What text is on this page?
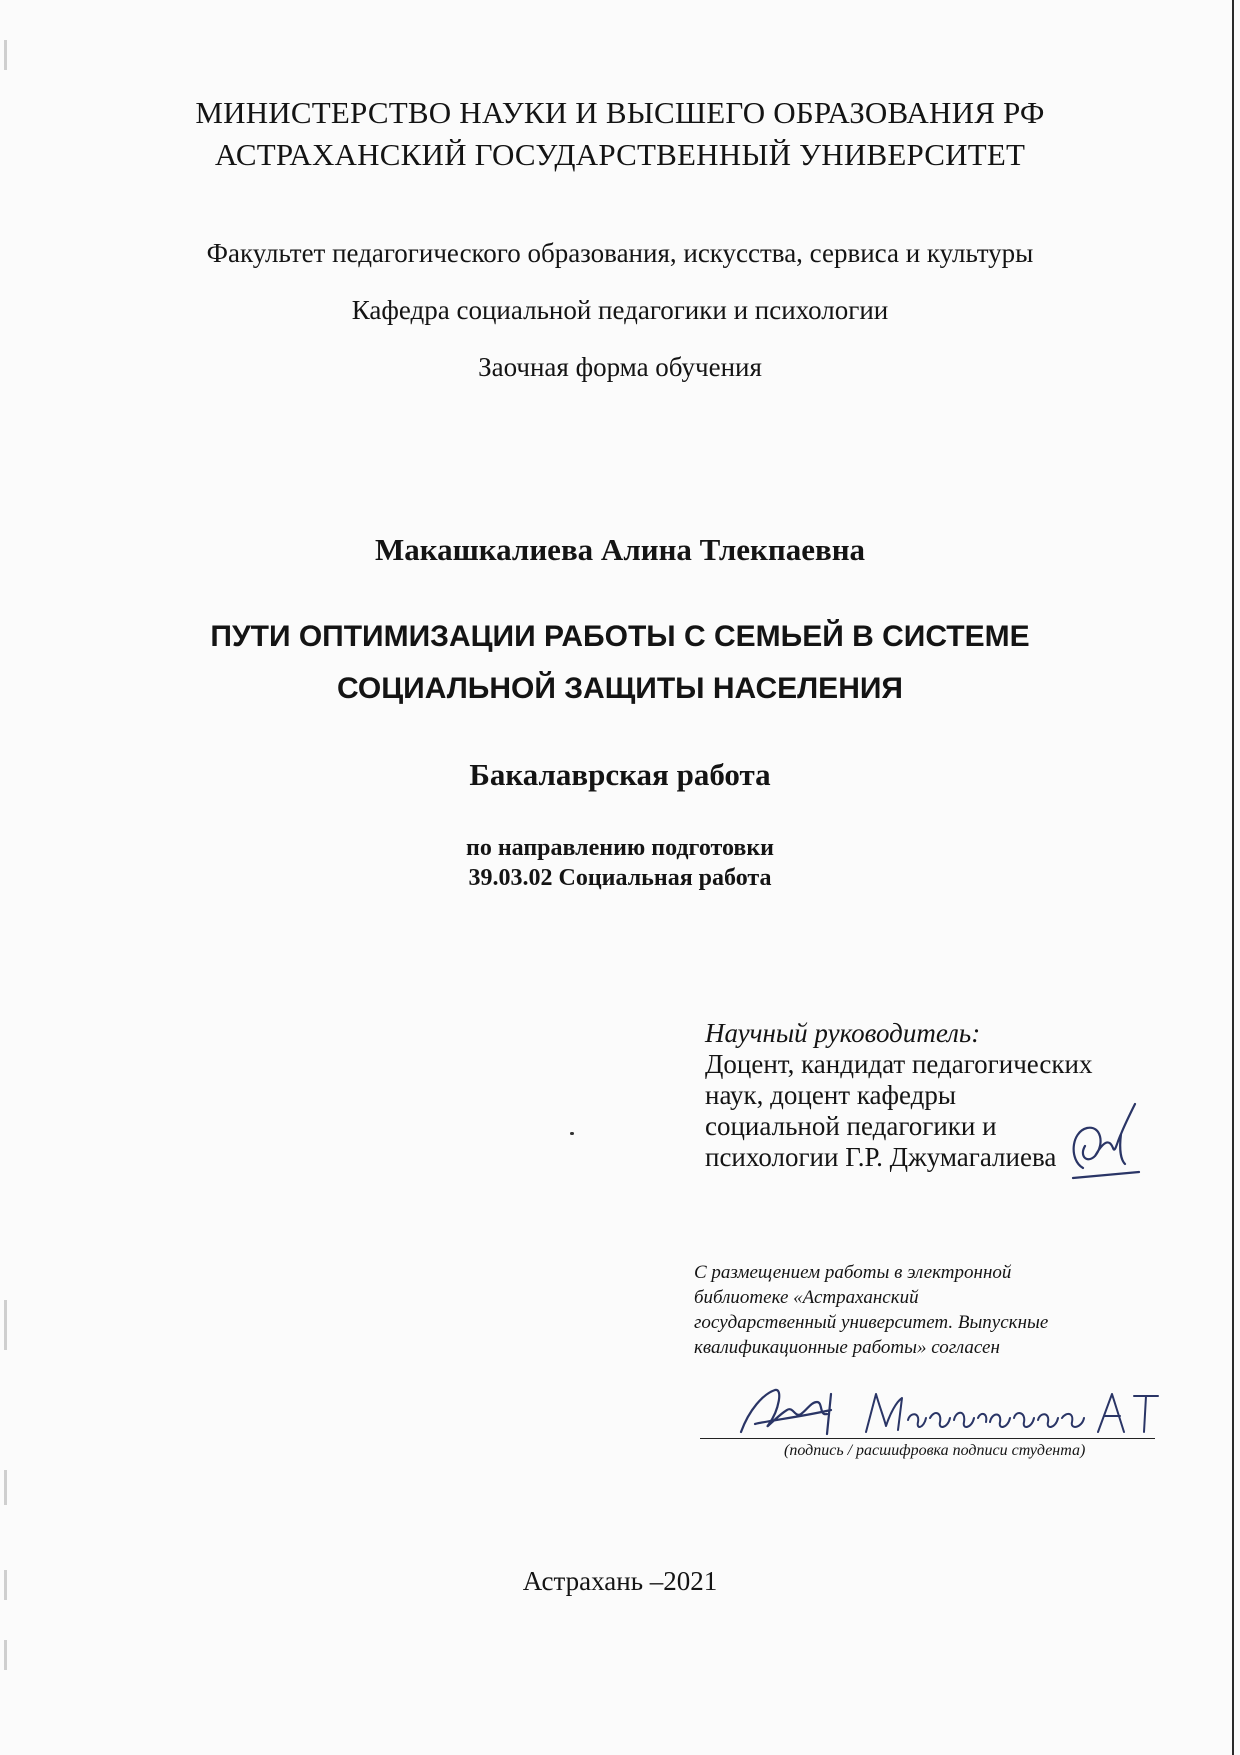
МИНИСТЕРСТВО НАУКИ И ВЫСШЕГО ОБРАЗОВАНИЯ РФ
АСТРАХАНСКИЙ ГОСУДАРСТВЕННЫЙ УНИВЕРСИТЕТ
Факультет педагогического образования, искусства, сервиса и культуры
Кафедра социальной педагогики и психологии
Заочная форма обучения
Макашкалиева Алина Тлекпаевна
ПУТИ ОПТИМИЗАЦИИ РАБОТЫ С СЕМЬЕЙ В СИСТЕМЕ
СОЦИАЛЬНОЙ ЗАЩИТЫ НАСЕЛЕНИЯ
Бакалаврская работа
по направлению подготовки
39.03.02 Социальная работа
Научный руководитель:
Доцент, кандидат педагогических
наук, доцент кафедры
социальной педагогики и
психологии Г.Р. Джумагалиева
С размещением работы в электронной
библиотеке «Астраханский
государственный университет. Выпускные
квалификационные работы» согласен
(подпись / расшифровка подписи студента)
Астрахань –2021
